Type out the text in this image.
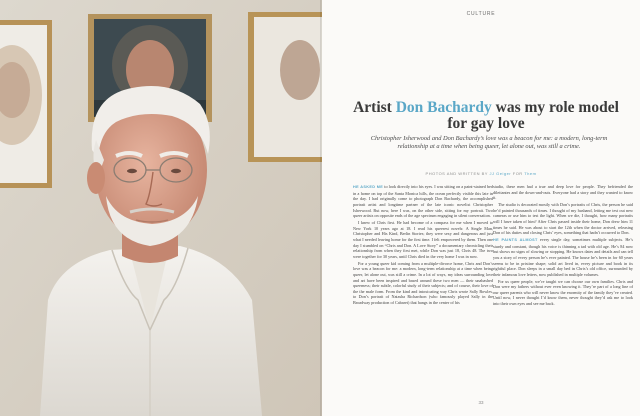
CULTURE
Artist Don Bachardy was my role model for gay love
Christopher Isherwood and Don Bachardy’s love was a beacon for me: a modern, long-term relationship at a time when being queer, let alone out, was still a crime.
PHOTOS AND WRITTEN BY JJ Geiger FOR Them

HE ASKED ME to look directly into his eyes. I was sitting on a paint-stained bed in a home on top of the Santa Monica hills, the ocean perfectly visible this late in the day. I had originally come to photograph Don Bachardy, the accomplished portrait artist and longtime partner of the late iconic novelist Christopher Isherwood. But now, here I was, on the other side, sitting for my portrait. Two queer artists on opposite ends of the age spectrum engaging in silent conversation.

I knew of Chris first. He had become of a compass for me when I moved to New York 10 years ago at 18. I read his queerest novels: A Single Man, Christopher and His Kind, Berlin Stories; they were sexy and dangerous and just what I needed leaving home for the first time. I felt empowered by them. Then one day I stumbled on “Chris and Don. A Love Story” a documentary chronicling their relationship from when they first met, while Don was just 18, Chris 48. The two were together for 30 years, until Chris died in the very home I was in now.

For a young queer kid coming from a multiple-divorce home, Chris and Don’s love was a beacon for me: a modern, long-term relationship at a time when being queer, let alone out, was still a crime. In a lot of ways, my ideas surrounding love and art have been inspired and based around these two men — their unabashed queerness; their subtle, colorful study of their subjects; and of course, their love of the the male form. From the kind and intoxicating way Chris wrote Sally Bowles, to Don’s portrait of Natasha Richardson (who famously played Sally in the Broadway production of Cabaret) that hangs in the center of his

studio, these men had a true and deep love for people. They befriended the dilettantes and the down-and-outs. Everyone had a story and they wanted to know it.

The studio is decorated mostly with Don’s portraits of Chris, the person he said he’d painted thousands of times. I thought of my husband, letting me test out new cameras or use him to test the light. When we die, I thought, how many portraits will I have taken of him? After Chris passed inside their home, Don drew him 11 times he said. He was about to start the 12th when the doctor arrived, releasing Don of his duties and closing Chris’ eyes, something that hadn’t occurred to Don.

HE PAINTS ALMOST every single day, sometimes multiple subjects. He’s sturdy and constant, though his voice is thinning a tad with old age. He’s 84 now but shows no signs of slowing or stopping. He knows dates and details and can tell you a story of every person he’s ever painted. The house he’s been in for 60 years seems to be in pristine shape; solid art lived in, every picture and book in its rightful place. Don sleeps in a small day bed in Chris’s old office, surrounded by their infamous love letters, now published in multiple volumes.

For us queer people, we’re taught we can choose our own families. Chris and Don were my fathers without ever even knowing it. They’re part of a long line of our queer parents who will never know the enormity of the family they’ve created. Until now, I never thought I’d know them, never thought they’d ask me to look into their own eyes and see me back.

33
